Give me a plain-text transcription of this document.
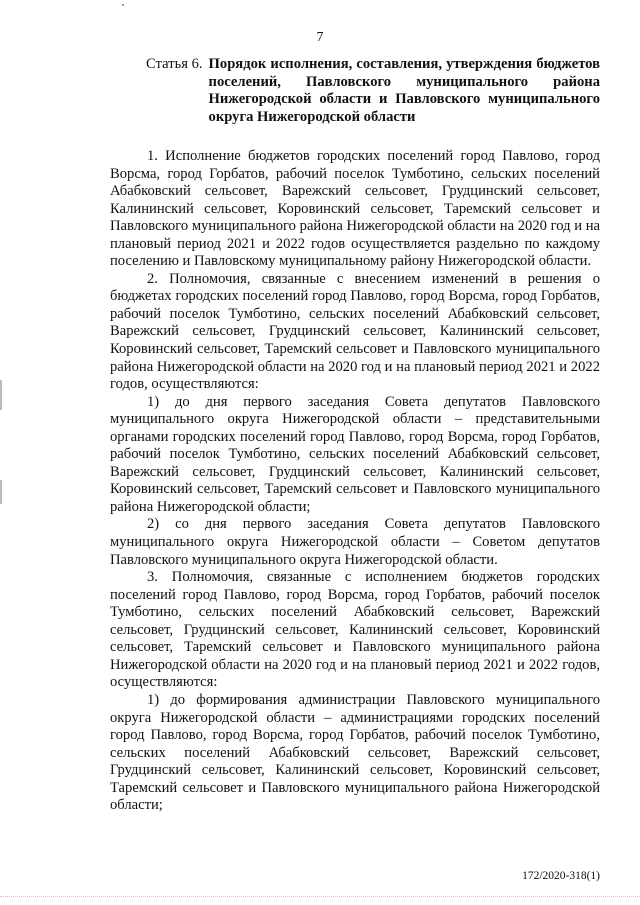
7
Статья 6. Порядок исполнения, составления, утверждения бюджетов поселений, Павловского муниципального района Нижегородской области и Павловского муниципального округа Нижегородской области

1. Исполнение бюджетов городских поселений город Павлово, город Ворсма, город Горбатов, рабочий поселок Тумботино, сельских поселений Абабковский сельсовет, Варежский сельсовет, Грудцинский сельсовет, Калининский сельсовет, Коровинский сельсовет, Таремский сельсовет и Павловского муниципального района Нижегородской области на 2020 год и на плановый период 2021 и 2022 годов осуществляется раздельно по каждому поселению и Павловскому муниципальному району Нижегородской области.

2. Полномочия, связанные с внесением изменений в решения о бюджетах городских поселений город Павлово, город Ворсма, город Горбатов, рабочий поселок Тумботино, сельских поселений Абабковский сельсовет, Варежский сельсовет, Грудцинский сельсовет, Калининский сельсовет, Коровинский сельсовет, Таремский сельсовет и Павловского муниципального района Нижегородской области на 2020 год и на плановый период 2021 и 2022 годов, осуществляются:

1) до дня первого заседания Совета депутатов Павловского муниципального округа Нижегородской области – представительными органами городских поселений город Павлово, город Ворсма, город Горбатов, рабочий поселок Тумботино, сельских поселений Абабковский сельсовет, Варежский сельсовет, Грудцинский сельсовет, Калининский сельсовет, Коровинский сельсовет, Таремский сельсовет и Павловского муниципального района Нижегородской области;

2) со дня первого заседания Совета депутатов Павловского муниципального округа Нижегородской области – Советом депутатов Павловского муниципального округа Нижегородской области.

3. Полномочия, связанные с исполнением бюджетов городских поселений город Павлово, город Ворсма, город Горбатов, рабочий поселок Тумботино, сельских поселений Абабковский сельсовет, Варежский сельсовет, Грудцинский сельсовет, Калининский сельсовет, Коровинский сельсовет, Таремский сельсовет и Павловского муниципального района Нижегородской области на 2020 год и на плановый период 2021 и 2022 годов, осуществляются:

1) до формирования администрации Павловского муниципального округа Нижегородской области – администрациями городских поселений город Павлово, город Ворсма, город Горбатов, рабочий поселок Тумботино, сельских поселений Абабковский сельсовет, Варежский сельсовет, Грудцинский сельсовет, Калининский сельсовет, Коровинский сельсовет, Таремский сельсовет и Павловского муниципального района Нижегородской области;

172/2020-318(1)
